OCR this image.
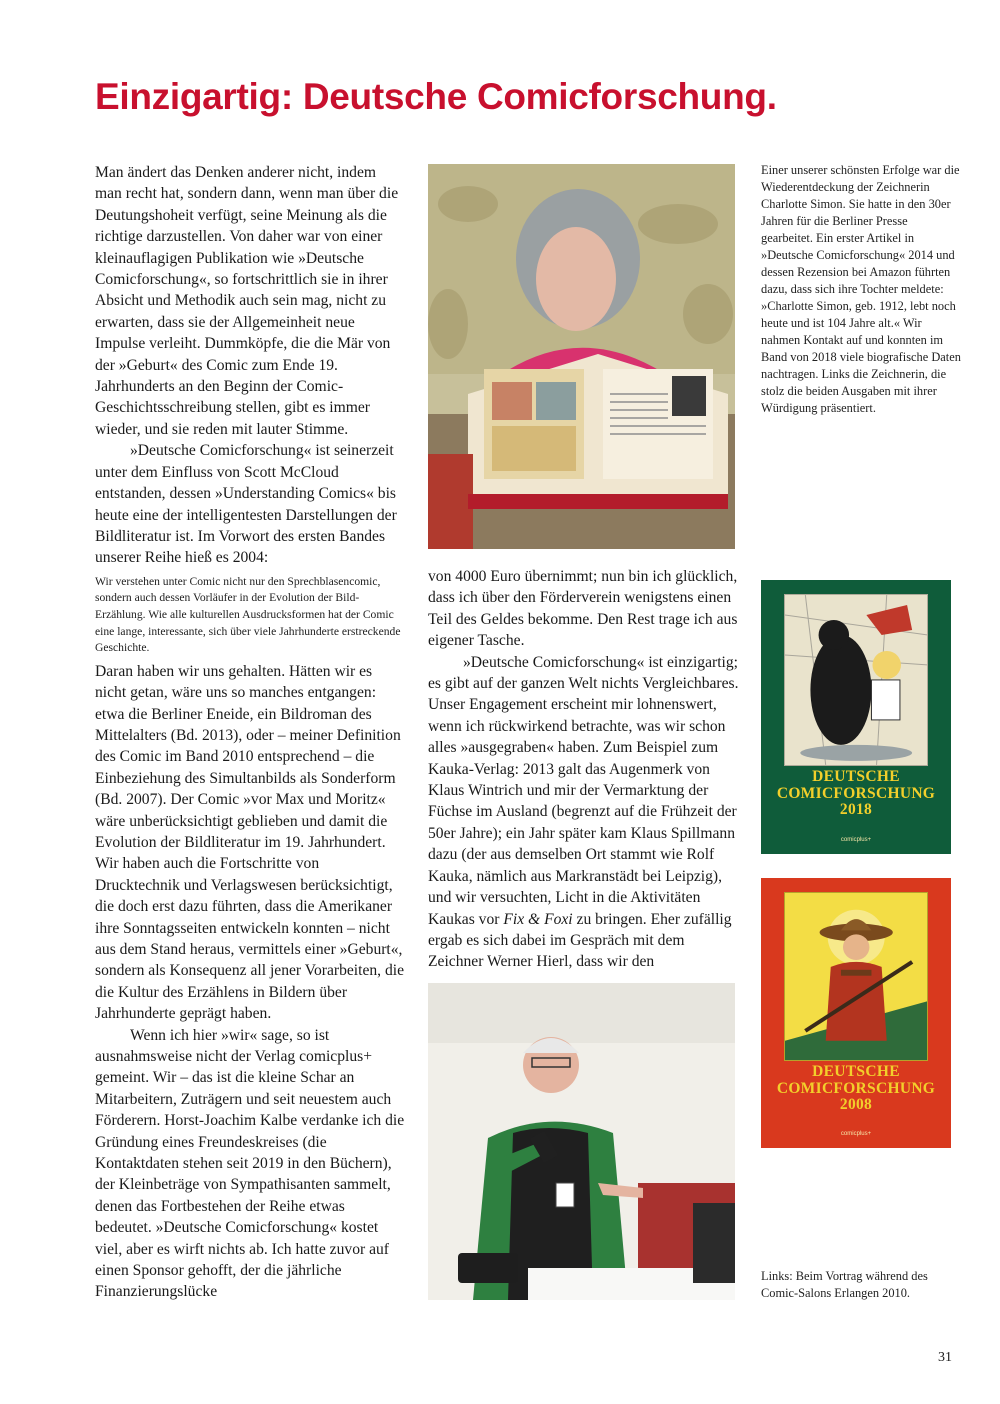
Einzigartig: Deutsche Comicforschung.

Man ändert das Denken anderer nicht, indem man recht hat, sondern dann, wenn man über die Deutungshoheit verfügt, seine Meinung als die richtige darzustellen. Von daher war von einer kleinauflagigen Publikation wie »Deutsche Comicforschung«, so fortschrittlich sie in ihrer Absicht und Methodik auch sein mag, nicht zu erwarten, dass sie der Allgemeinheit neue Impulse verleiht. Dummköpfe, die die Mär von der »Geburt« des Comic zum Ende 19. Jahrhunderts an den Beginn der Comic-Geschichtsschreibung stellen, gibt es immer wieder, und sie reden mit lauter Stimme.

»Deutsche Comicforschung« ist seinerzeit unter dem Einfluss von Scott McCloud entstanden, dessen »Understanding Comics« bis heute eine der intelligentesten Darstellungen der Bildliteratur ist. Im Vorwort des ersten Bandes unserer Reihe hieß es 2004:

Wir verstehen unter Comic nicht nur den Sprechblasencomic, sondern auch dessen Vorläufer in der Evolution der Bild-Erzählung. Wie alle kulturellen Ausdrucksformen hat der Comic eine lange, interessante, sich über viele Jahrhunderte erstreckende Geschichte.

Daran haben wir uns gehalten. Hätten wir es nicht getan, wäre uns so manches entgangen: etwa die Berliner Eneide, ein Bildroman des Mittelalters (Bd. 2013), oder – meiner Definition des Comic im Band 2010 entsprechend – die Einbeziehung des Simultanbilds als Sonderform (Bd. 2007). Der Comic »vor Max und Moritz« wäre unberücksichtigt geblieben und damit die Evolution der Bildliteratur im 19. Jahrhundert. Wir haben auch die Fortschritte von Drucktechnik und Verlagswesen berücksichtigt, die doch erst dazu führten, dass die Amerikaner ihre Sonntagsseiten entwickeln konnten – nicht aus dem Stand heraus, vermittels einer »Geburt«, sondern als Konsequenz all jener Vorarbeiten, die die Kultur des Erzählens in Bildern über Jahrhunderte geprägt haben.

Wenn ich hier »wir« sage, so ist ausnahmsweise nicht der Verlag comicplus+ gemeint. Wir – das ist die kleine Schar an Mitarbeitern, Zuträgern und seit neuestem auch Förderern. Horst-Joachim Kalbe verdanke ich die Gründung eines Freundeskreises (die Kontaktdaten stehen seit 2019 in den Büchern), der Kleinbeträge von Sympathisanten sammelt, denen das Fortbestehen der Reihe etwas bedeutet. »Deutsche Comicforschung« kostet viel, aber es wirft nichts ab. Ich hatte zuvor auf einen Sponsor gehofft, der die jährliche Finanzierungslücke

Einer unserer schönsten Erfolge war die Wiederentdeckung der Zeichnerin Charlotte Simon. Sie hatte in den 30er Jahren für die Berliner Presse gearbeitet. Ein erster Artikel in »Deutsche Comicforschung« 2014 und dessen Rezension bei Amazon führten dazu, dass sich ihre Tochter meldete: »Charlotte Simon, geb. 1912, lebt noch heute und ist 104 Jahre alt.« Wir nahmen Kontakt auf und konnten im Band von 2018 viele biografische Daten nachtragen. Links die Zeichnerin, die stolz die beiden Ausgaben mit ihrer Würdigung präsentiert.

von 4000 Euro übernimmt; nun bin ich glücklich, dass ich über den Förderverein wenigstens einen Teil des Geldes bekomme. Den Rest trage ich aus eigener Tasche.

»Deutsche Comicforschung« ist einzigartig; es gibt auf der ganzen Welt nichts Vergleichbares. Unser Engagement erscheint mir lohnenswert, wenn ich rückwirkend betrachte, was wir schon alles »ausgegraben« haben. Zum Beispiel zum Kauka-Verlag: 2013 galt das Augenmerk von Klaus Wintrich und mir der Vermarktung der Füchse im Ausland (begrenzt auf die Frühzeit der 50er Jahre); ein Jahr später kam Klaus Spillmann dazu (der aus demselben Ort stammt wie Rolf Kauka, nämlich aus Markranstädt bei Leipzig), und wir versuchten, Licht in die Aktivitäten Kaukas vor Fix & Foxi zu bringen. Eher zufällig ergab es sich dabei im Gespräch mit dem Zeichner Werner Hierl, dass wir den

DEUTSCHE
COMICFORSCHUNG
2018
comicplus+
DEUTSCHE
COMICFORSCHUNG
2008
comicplus+
Links: Beim Vortrag während des Comic-Salons Erlangen 2010.
31
